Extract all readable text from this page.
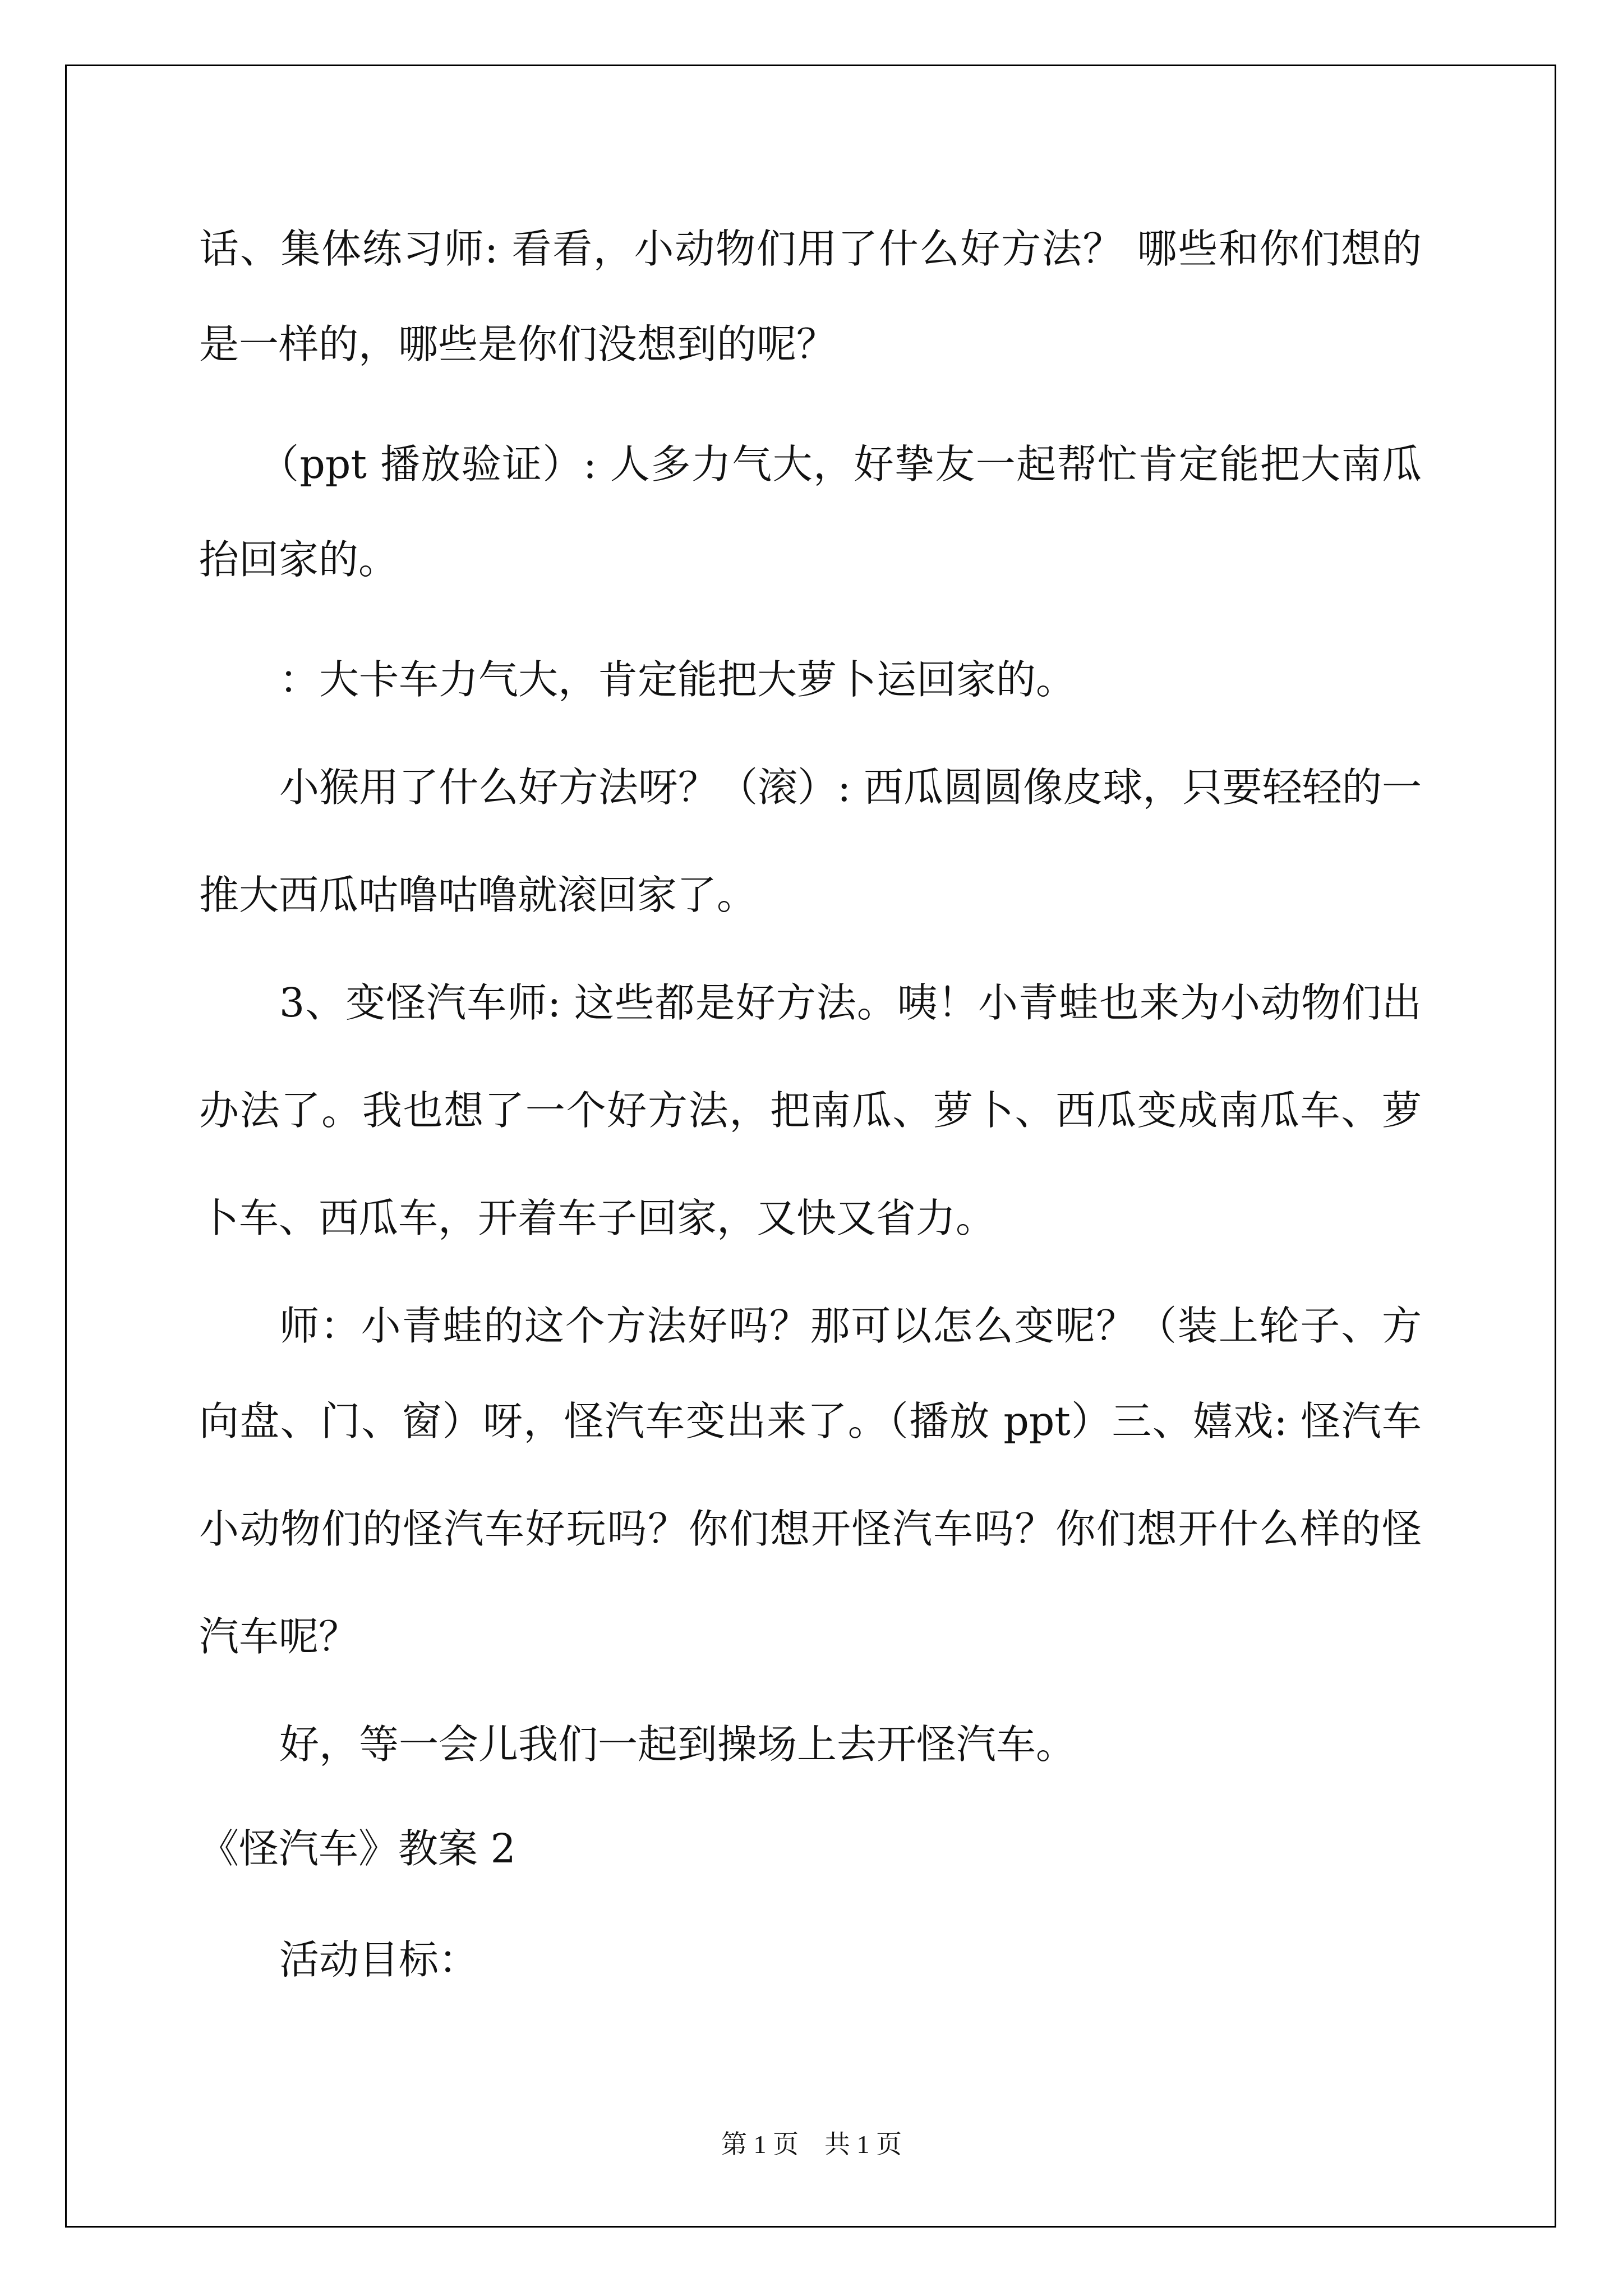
话、集体练习师: 看看，小动物们用了什么好方法？ 哪些和你们想的
是一样的，哪些是你们没想到的呢？
（ppt 播放验证）: 人多力气大，好挚友一起帮忙肯定能把大南瓜
抬回家的。
：大卡车力气大，肯定能把大萝卜运回家的。
小猴用了什么好方法呀？（滚）: 西瓜圆圆像皮球，只要轻轻的一
推大西瓜咕噜咕噜就滚回家了。
3、变怪汽车师: 这些都是好方法。咦！小青蛙也来为小动物们出
办法了。我也想了一个好方法，把南瓜、萝卜、西瓜变成南瓜车、萝
卜车、西瓜车，开着车子回家，又快又省力。
师：小青蛙的这个方法好吗？那可以怎么变呢？（装上轮子、方
向盘、门、窗）呀，怪汽车变出来了。（播放 ppt）三、嬉戏: 怪汽车
小动物们的怪汽车好玩吗？你们想开怪汽车吗？你们想开什么样的怪
汽车呢？
好，等一会儿我们一起到操场上去开怪汽车。
《怪汽车》教案 2
活动目标：
第 1 页    共 1 页
